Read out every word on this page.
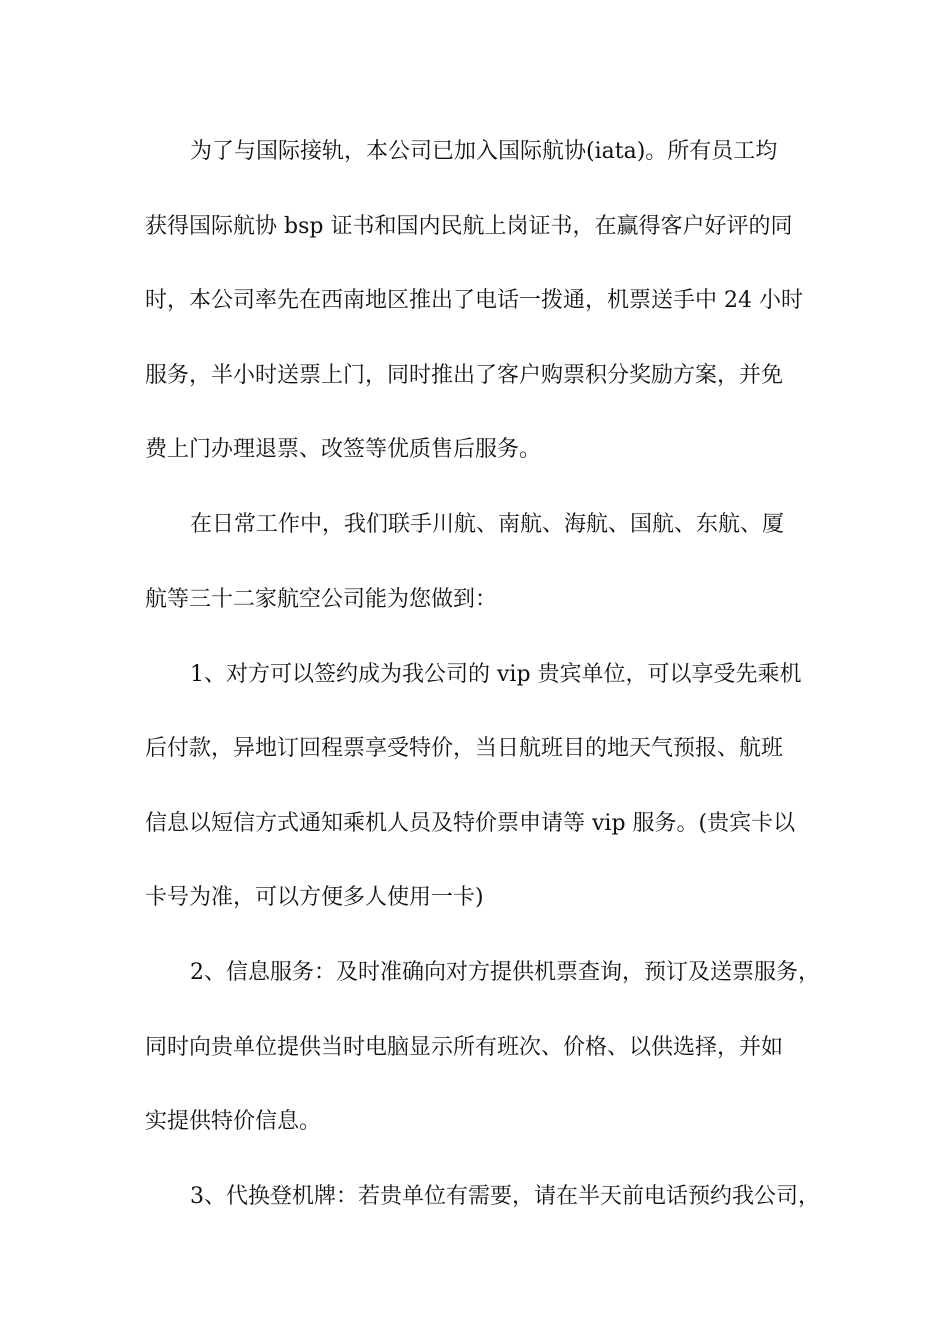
为了与国际接轨，本公司已加入国际航协(iata)。所有员工均
获得国际航协 bsp 证书和国内民航上岗证书，在赢得客户好评的同
时，本公司率先在西南地区推出了电话一拨通，机票送手中 24 小时
服务，半小时送票上门，同时推出了客户购票积分奖励方案，并免
费上门办理退票、改签等优质售后服务。
在日常工作中，我们联手川航、南航、海航、国航、东航、厦
航等三十二家航空公司能为您做到：
1、对方可以签约成为我公司的 vip 贵宾单位，可以享受先乘机
后付款，异地订回程票享受特价，当日航班目的地天气预报、航班
信息以短信方式通知乘机人员及特价票申请等 vip 服务。(贵宾卡以
卡号为准，可以方便多人使用一卡)
2、信息服务：及时准确向对方提供机票查询，预订及送票服务，
同时向贵单位提供当时电脑显示所有班次、价格、以供选择，并如
实提供特价信息。
3、代换登机牌：若贵单位有需要，请在半天前电话预约我公司，
